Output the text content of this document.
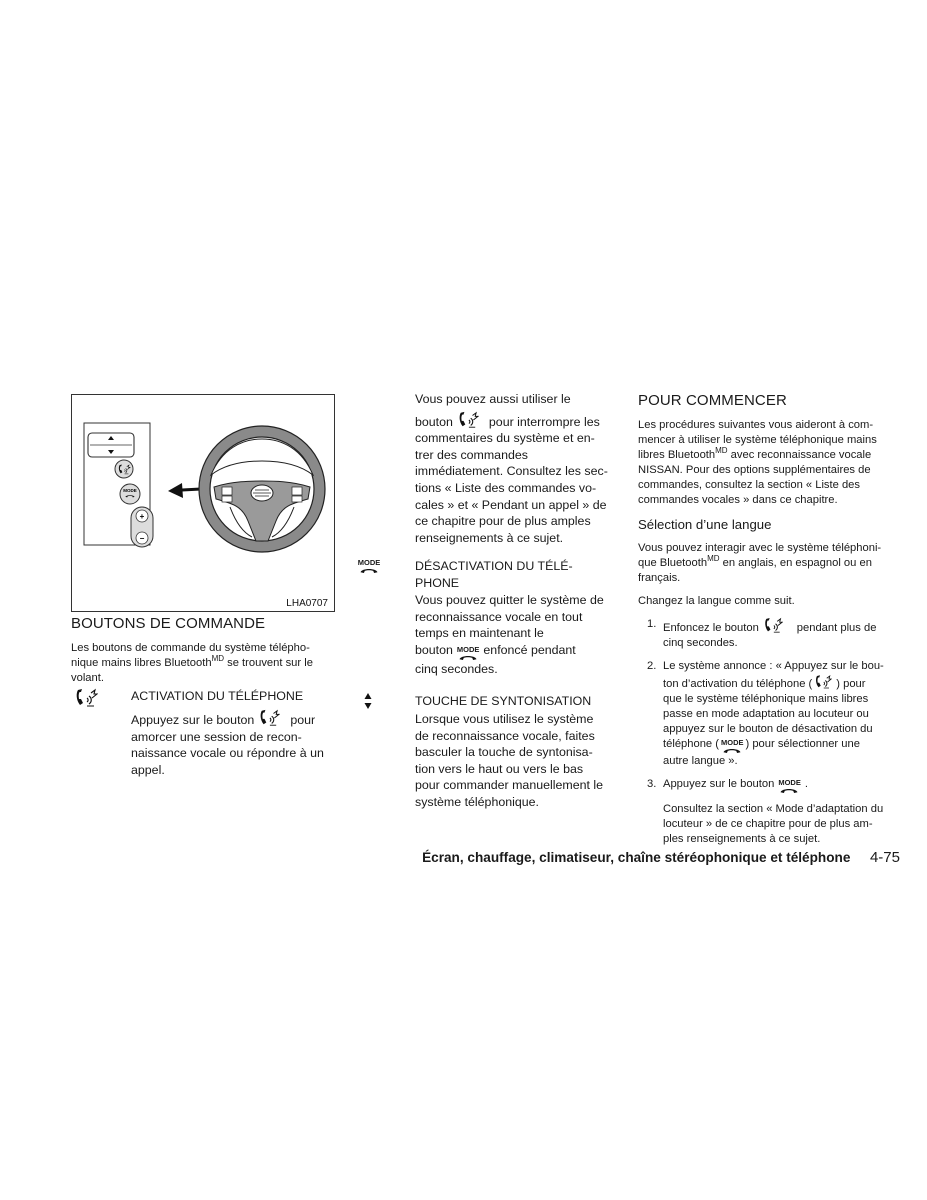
MODE
+
−
LHA0707
BOUTONS DE COMMANDE
Les boutons de commande du système télépho-
nique mains libres Bluetooth$^{MD}$ se trouvent sur le
volant.
ACTIVATION DU TÉLÉPHONE
Appuyez sur le bouton	pour
amorcer une session de recon-
naissance vocale ou répondre à un
appel.
Vous pouvez aussi utiliser le
bouton	pour interrompre les
commentaires du système et en-
trer des commandes
immédiatement. Consultez les sec-
tions « Liste des commandes vo-
cales » et « Pendant un appel » de
ce chapitre pour de plus amples
renseignements à ce sujet.
MODE	DÉSACTIVATION DU TÉLÉ-
PHONE
Vous pouvez quitter le système de
reconnaissance vocale en tout
temps en maintenant le
bouton MODE enfoncé pendant
cinq secondes.
TOUCHE DE SYNTONISATION
Lorsque vous utilisez le système
de reconnaissance vocale, faites
basculer la touche de syntonisa-
tion vers le haut ou vers le bas
pour commander manuellement le
système téléphonique.
POUR COMMENCER
Les procédures suivantes vous aideront à com-
mencer à utiliser le système téléphonique mains
libres Bluetooth$^{MD}$ avec reconnaissance vocale
NISSAN. Pour des options supplémentaires de
commandes, consultez la section « Liste des
commandes vocales » dans ce chapitre.
Sélection d’une langue
Vous pouvez interagir avec le système téléphoni-
que Bluetooth$^{MD}$ en anglais, en espagnol ou en
français.
Changez la langue comme suit.
1. Enfoncez le bouton	pendant plus de
cinq secondes.
2. Le système annonce : « Appuyez sur le bou-
ton d’activation du téléphone ( ) pour
que le système téléphonique mains libres
passe en mode adaptation au locuteur ou
appuyez sur le bouton de désactivation du
téléphone ( MODE ) pour sélectionner une
autre langue ».
3. Appuyez sur le bouton MODE .
Consultez la section « Mode d’adaptation du
locuteur » de ce chapitre pour de plus am-
ples renseignements à ce sujet.
Écran, chauffage, climatiseur, chaîne stéréophonique et téléphone 4-75
